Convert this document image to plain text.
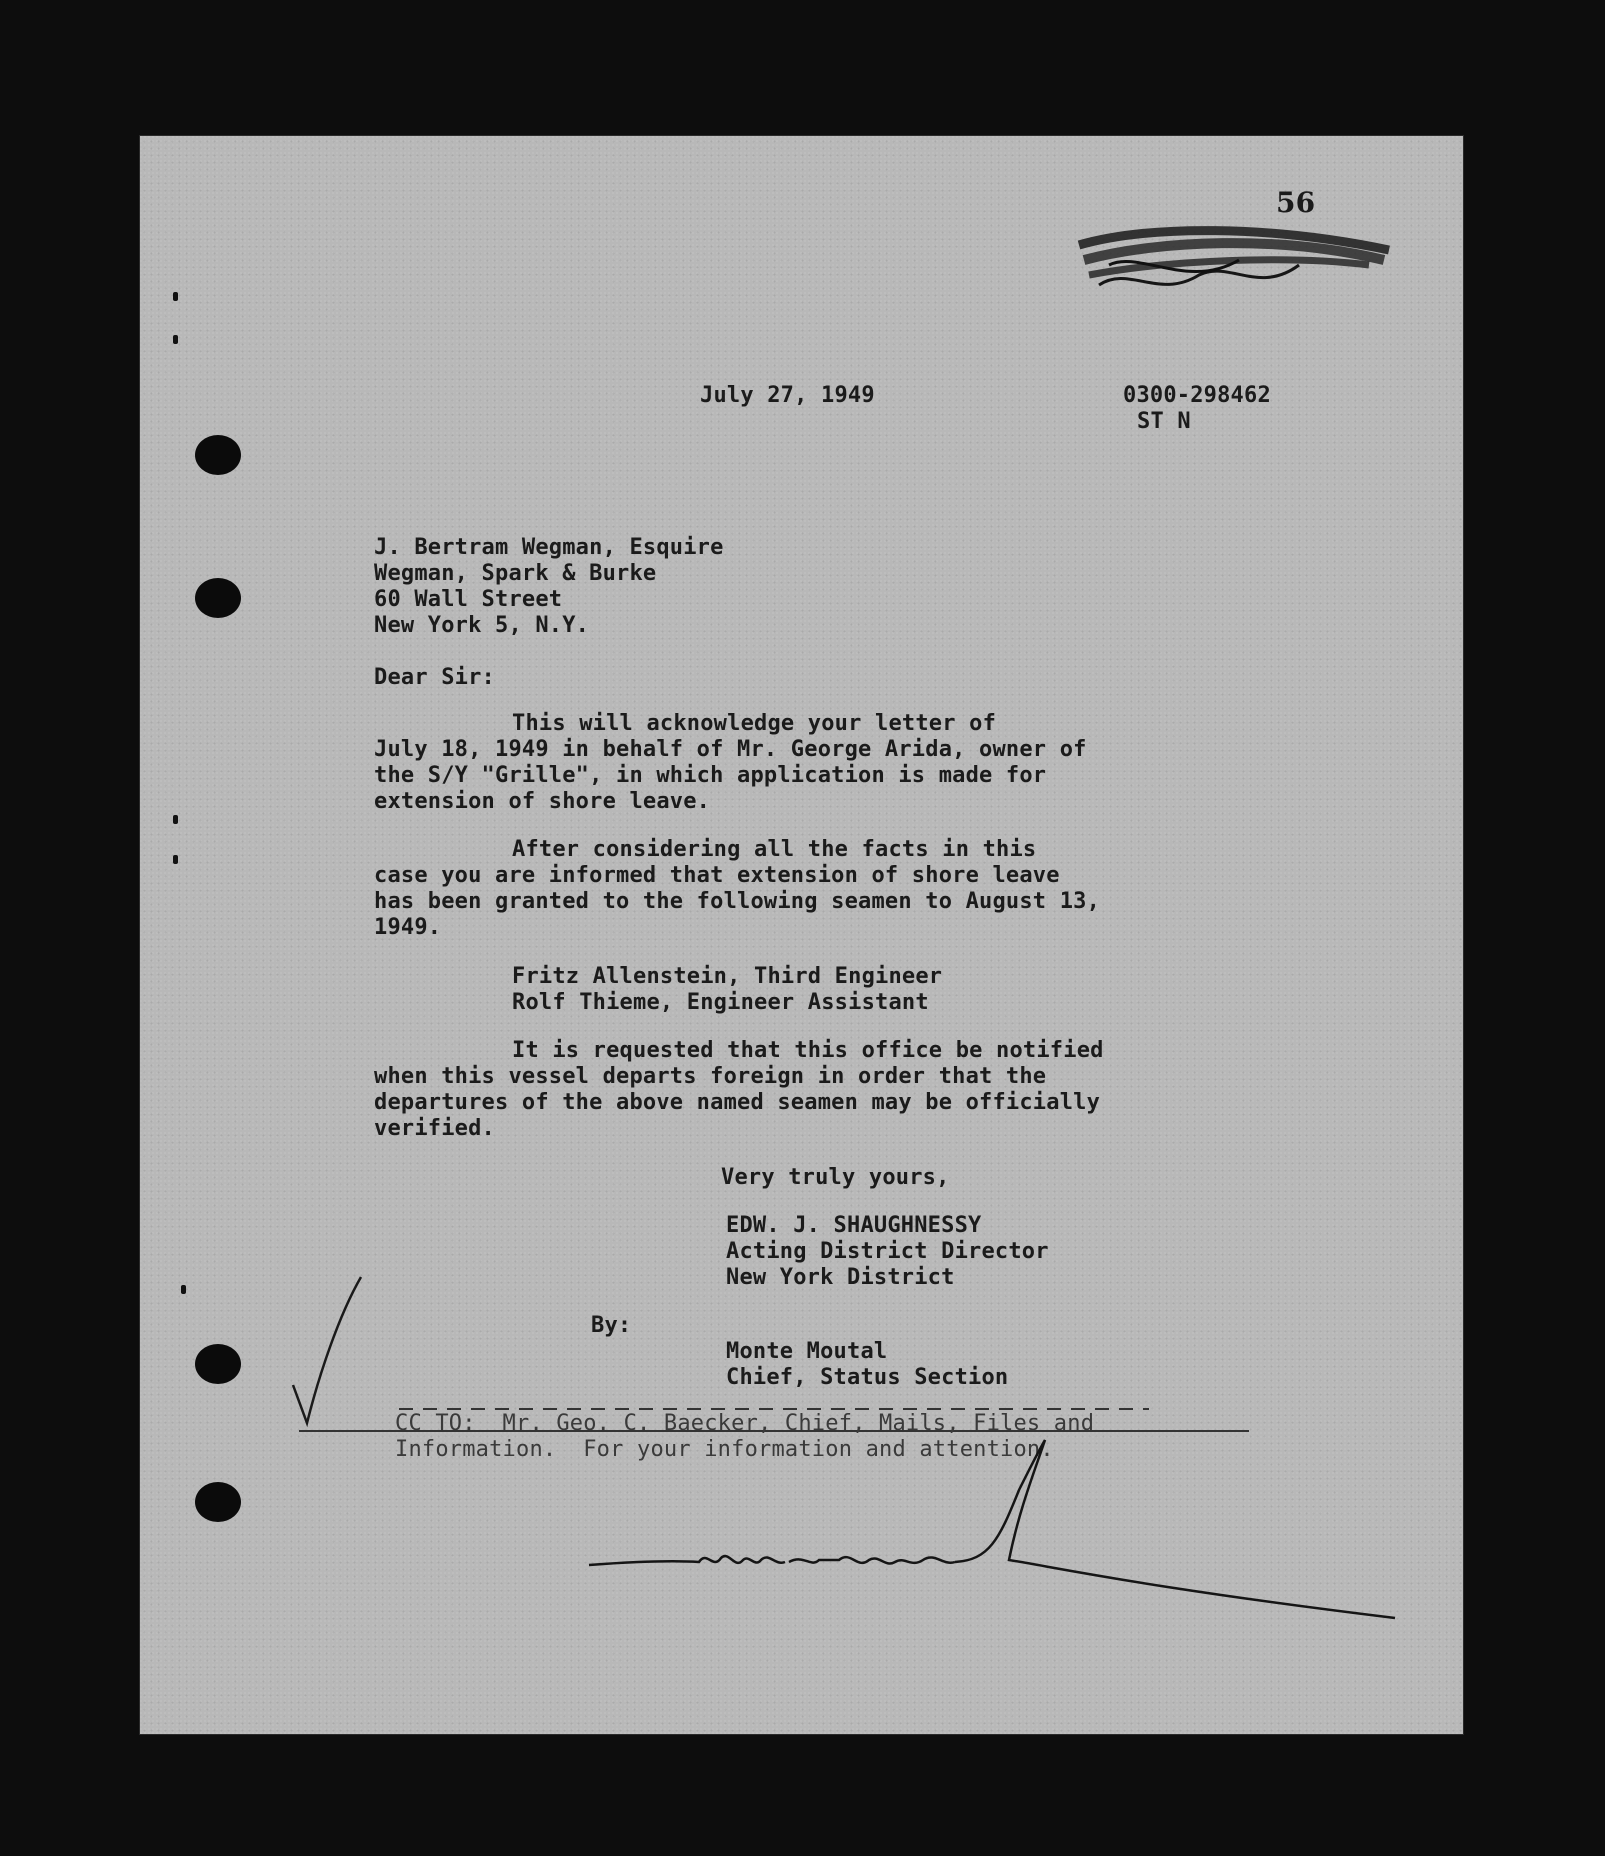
56
July 27, 1949	0300-298462
ST N
J. Bertram Wegman, Esquire
Wegman, Spark & Burke
60 Wall Street
New York 5, N.Y.
Dear Sir:
This will acknowledge your letter of
July 18, 1949 in behalf of Mr. George Arida, owner of
the S/Y "Grille", in which application is made for
extension of shore leave.
After considering all the facts in this
case you are informed that extension of shore leave
has been granted to the following seamen to August 13,
1949.
Fritz Allenstein, Third Engineer
Rolf Thieme, Engineer Assistant
It is requested that this office be notified
when this vessel departs foreign in order that the
departures of the above named seamen may be officially
verified.
Very truly yours,
EDW. J. SHAUGHNESSY
Acting District Director
New York District
By:
Monte Moutal
Chief, Status Section
CC TO:  Mr. Geo. C. Baecker, Chief, Mails, Files and
Information.  For your information and attention.
